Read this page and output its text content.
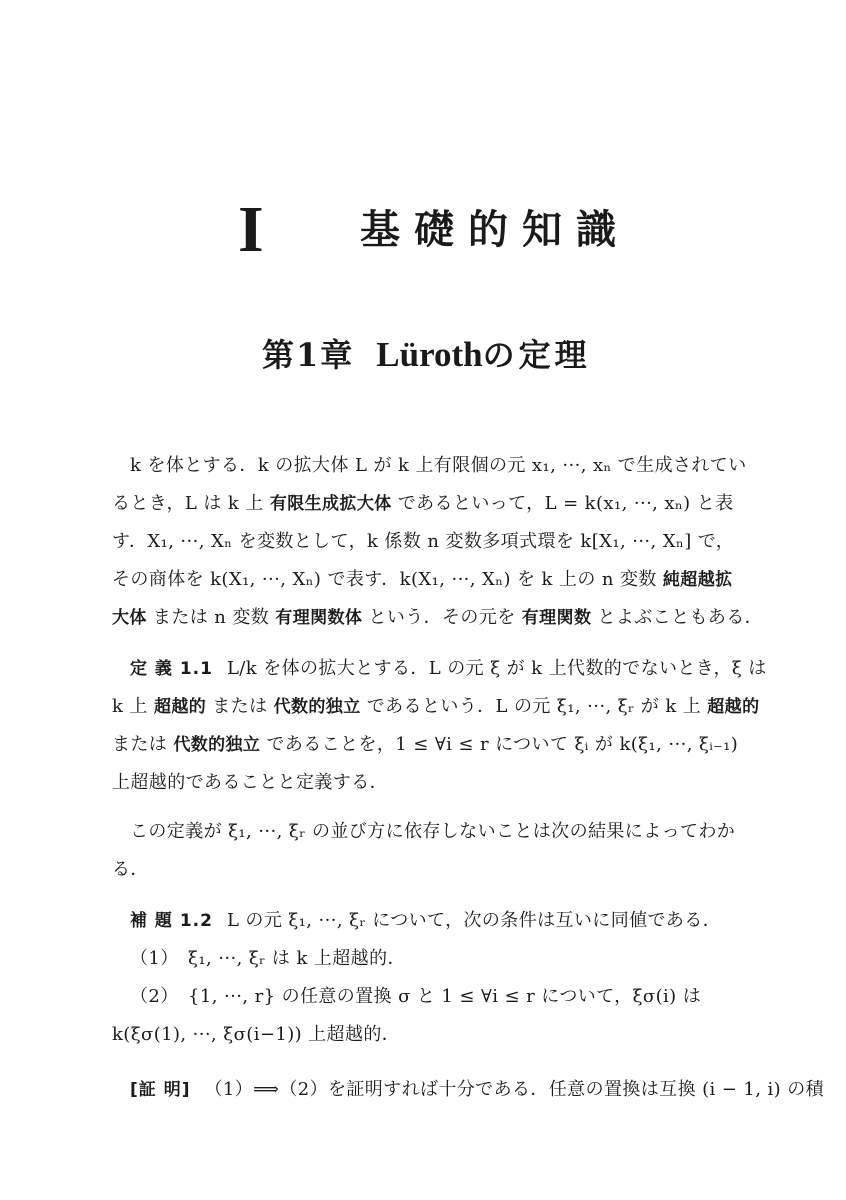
I 基礎的知識
第1章 Lürothの定理
k を体とする．k の拡大体 L が k 上有限個の元 x₁, ···, xₙ で生成されてい
るとき，L は k 上 有限生成拡大体 であるといって，L = k(x₁, ···, xₙ) と表
す．X₁, ···, Xₙ を変数として，k 係数 n 変数多項式環を k[X₁, ···, Xₙ] で，
その商体を k(X₁, ···, Xₙ) で表す．k(X₁, ···, Xₙ) を k 上の n 変数 純超越拡
大体 または n 変数 有理関数体 という．その元を 有理関数 とよぶこともある．
定 義 1.1 L/k を体の拡大とする．L の元 ξ が k 上代数的でないとき，ξ は
k 上 超越的 または 代数的独立 であるという．L の元 ξ₁, ···, ξᵣ が k 上 超越的
または 代数的独立 であることを，1 ≤ ∀i ≤ r について ξᵢ が k(ξ₁, ···, ξᵢ₋₁)
上超越的であることと定義する．
この定義が ξ₁, ···, ξᵣ の並び方に依存しないことは次の結果によってわか
る．
補 題 1.2 L の元 ξ₁, ···, ξᵣ について，次の条件は互いに同値である．
（1）　ξ₁, ···, ξᵣ は k 上超越的．
（2）　{1, ···, r} の任意の置換 σ と 1 ≤ ∀i ≤ r について，ξσ(i) は
k(ξσ(1), ···, ξσ(i−1)) 上超越的．
[証 明] （1）⟹（2）を証明すれば十分である．任意の置換は互換 (i − 1, i) の積
